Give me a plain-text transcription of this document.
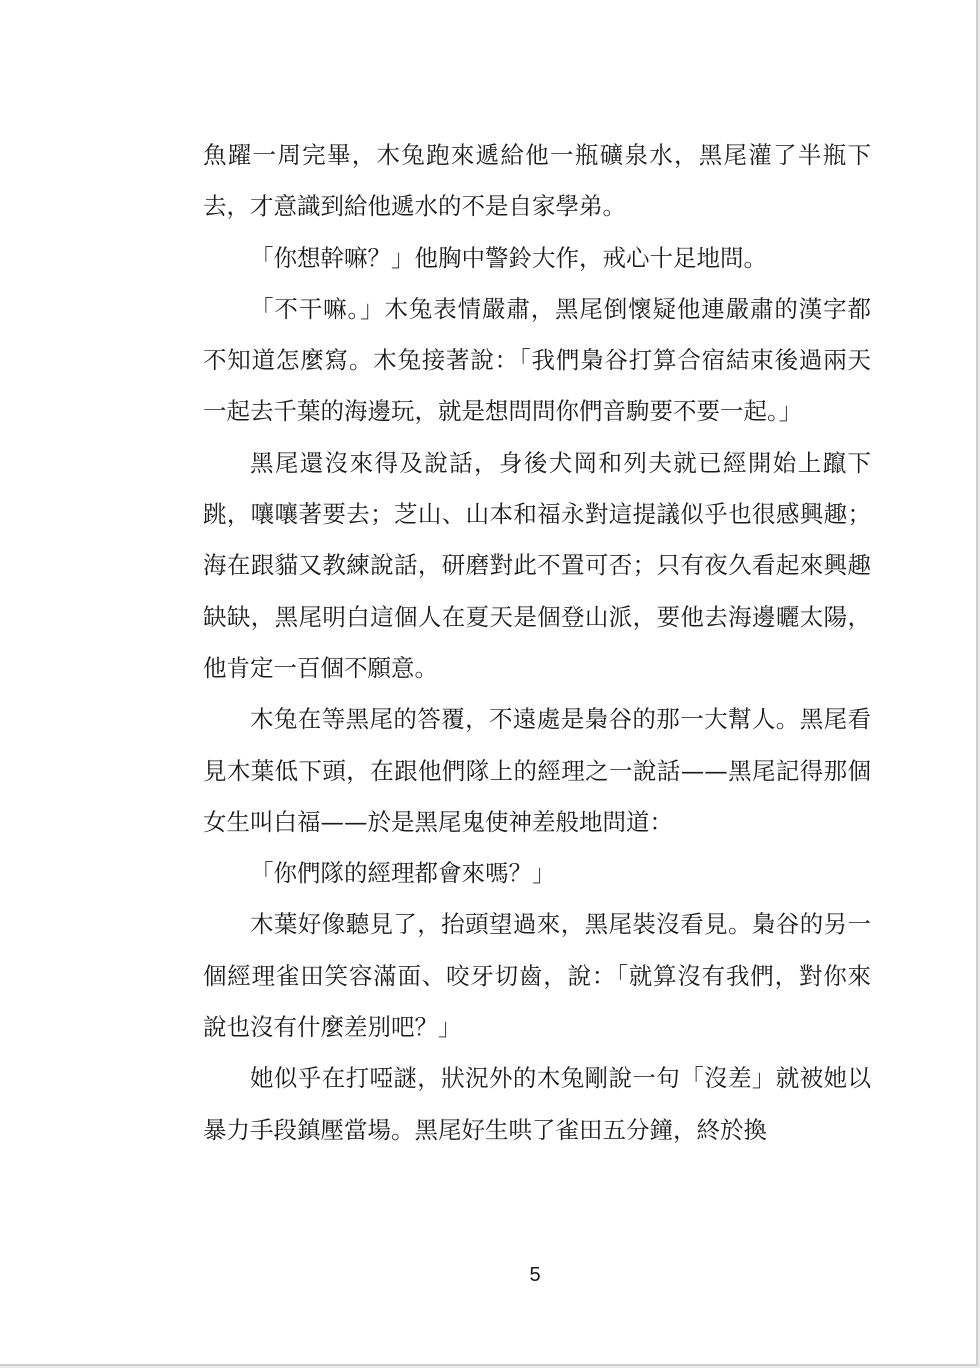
魚躍一周完畢，木兔跑來遞給他一瓶礦泉水，黑尾灌了半瓶下去，才意識到給他遞水的不是自家學弟。

「你想幹嘛？」他胸中警鈴大作，戒心十足地問。

「不干嘛。」木兔表情嚴肅，黑尾倒懷疑他連嚴肅的漢字都不知道怎麼寫。木兔接著說：「我們梟谷打算合宿結束後過兩天一起去千葉的海邊玩，就是想問問你們音駒要不要一起。」

黑尾還沒來得及說話，身後犬岡和列夫就已經開始上躥下跳，嚷嚷著要去；芝山、山本和福永對這提議似乎也很感興趣；海在跟貓又教練說話，研磨對此不置可否；只有夜久看起來興趣缺缺，黑尾明白這個人在夏天是個登山派，要他去海邊曬太陽，他肯定一百個不願意。

木兔在等黑尾的答覆，不遠處是梟谷的那一大幫人。黑尾看見木葉低下頭，在跟他們隊上的經理之一說話——黑尾記得那個女生叫白福——於是黑尾鬼使神差般地問道：

「你們隊的經理都會來嗎？」

木葉好像聽見了，抬頭望過來，黑尾裝沒看見。梟谷的另一個經理雀田笑容滿面、咬牙切齒，說：「就算沒有我們，對你來說也沒有什麼差別吧？」

她似乎在打啞謎，狀況外的木兔剛說一句「沒差」就被她以暴力手段鎮壓當場。黑尾好生哄了雀田五分鐘，終於換

5
